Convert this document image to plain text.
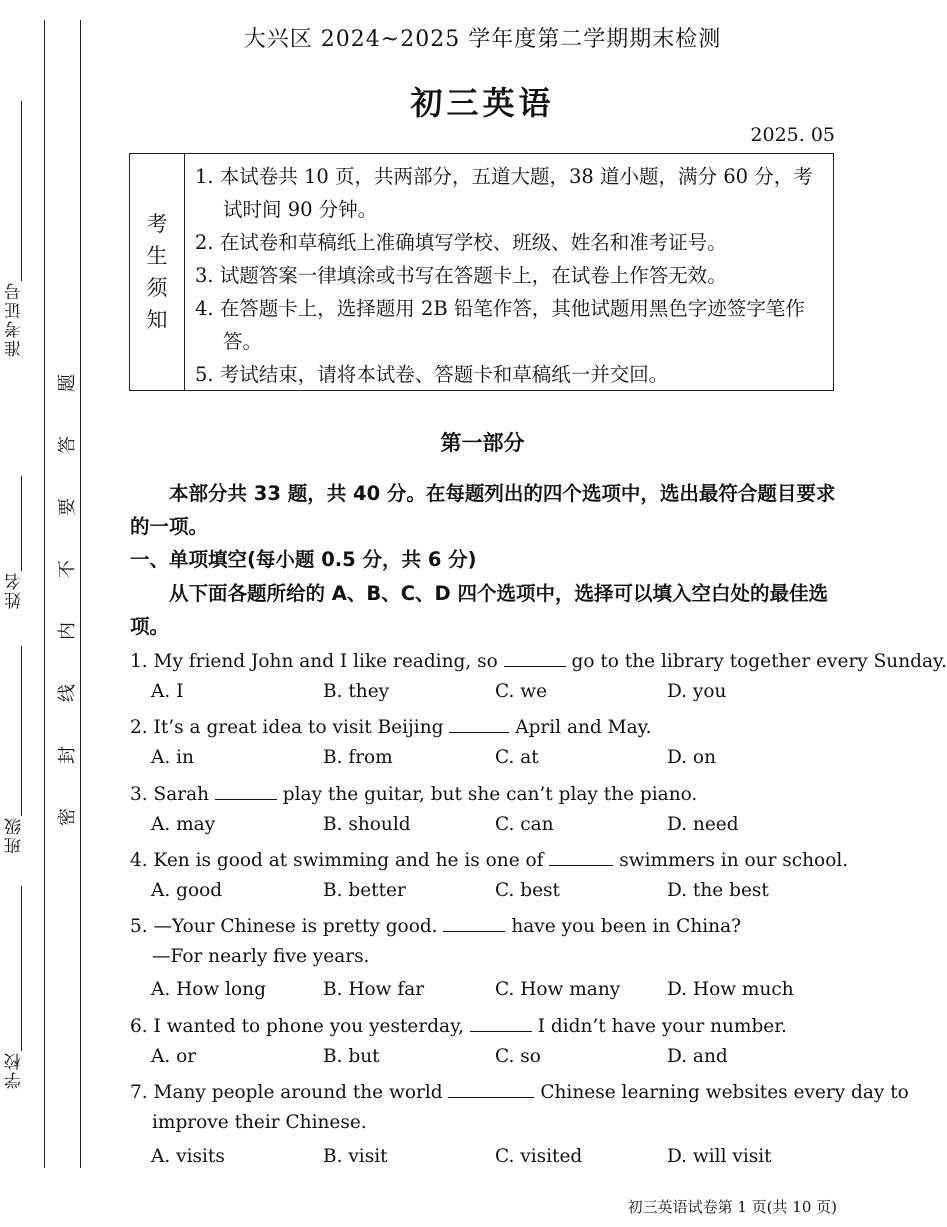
准考证号
姓名
班级
学校
题
答
要
不
内
线
封
密
大兴区 2024~2025 学年度第二学期期末检测
初三英语
2025. 05
考
生
须
知
1. 本试卷共 10 页，共两部分，五道大题，38 道小题，满分 60 分，考试时间 90 分钟。
2. 在试卷和草稿纸上准确填写学校、班级、姓名和准考证号。
3. 试题答案一律填涂或书写在答题卡上，在试卷上作答无效。
4. 在答题卡上，选择题用 2B 铅笔作答，其他试题用黑色字迹签字笔作答。
5. 考试结束，请将本试卷、答题卡和草稿纸一并交回。
第一部分
本部分共 33 题，共 40 分。在每题列出的四个选项中，选出最符合题目要求的一项。
一、单项填空(每小题 0.5 分，共 6 分)
从下面各题所给的 A、B、C、D 四个选项中，选择可以填入空白处的最佳选项。
1. My friend John and I like reading, so	go to the library together every Sunday.
A. I	B. they	C. we	D. you
2. It’s a great idea to visit Beijing	April and May.
A. in	B. from	C. at	D. on
3. Sarah	play the guitar, but she can’t play the piano.
A. may	B. should	C. can	D. need
4. Ken is good at swimming and he is one of	swimmers in our school.
A. good	B. better	C. best	D. the best
5. —Your Chinese is pretty good.	have you been in China?
—For nearly five years.
A. How long	B. How far	C. How many	D. How much
6. I wanted to phone you yesterday,	I didn’t have your number.
A. or	B. but	C. so	D. and
7. Many people around the world	Chinese learning websites every day to
improve their Chinese.
A. visits	B. visit	C. visited	D. will visit
初三英语试卷第 1 页(共 10 页)
